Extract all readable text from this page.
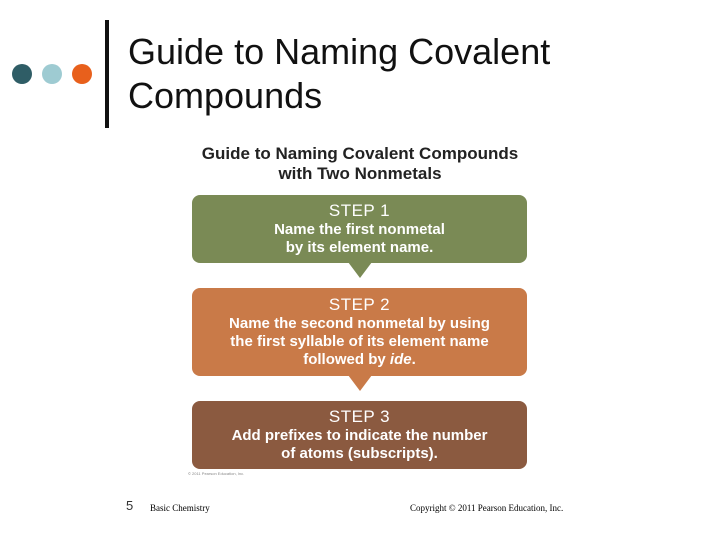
Guide to Naming Covalent
Compounds
Guide to Naming Covalent Compounds
with Two Nonmetals
STEP 1
Name the first nonmetal
by its element name.
STEP 2
Name the second nonmetal by using
the first syllable of its element name
followed by ide.
STEP 3
Add prefixes to indicate the number
of atoms (subscripts).
© 2011 Pearson Education, Inc.
5 Basic Chemistry	Copyright © 2011 Pearson Education, Inc.
